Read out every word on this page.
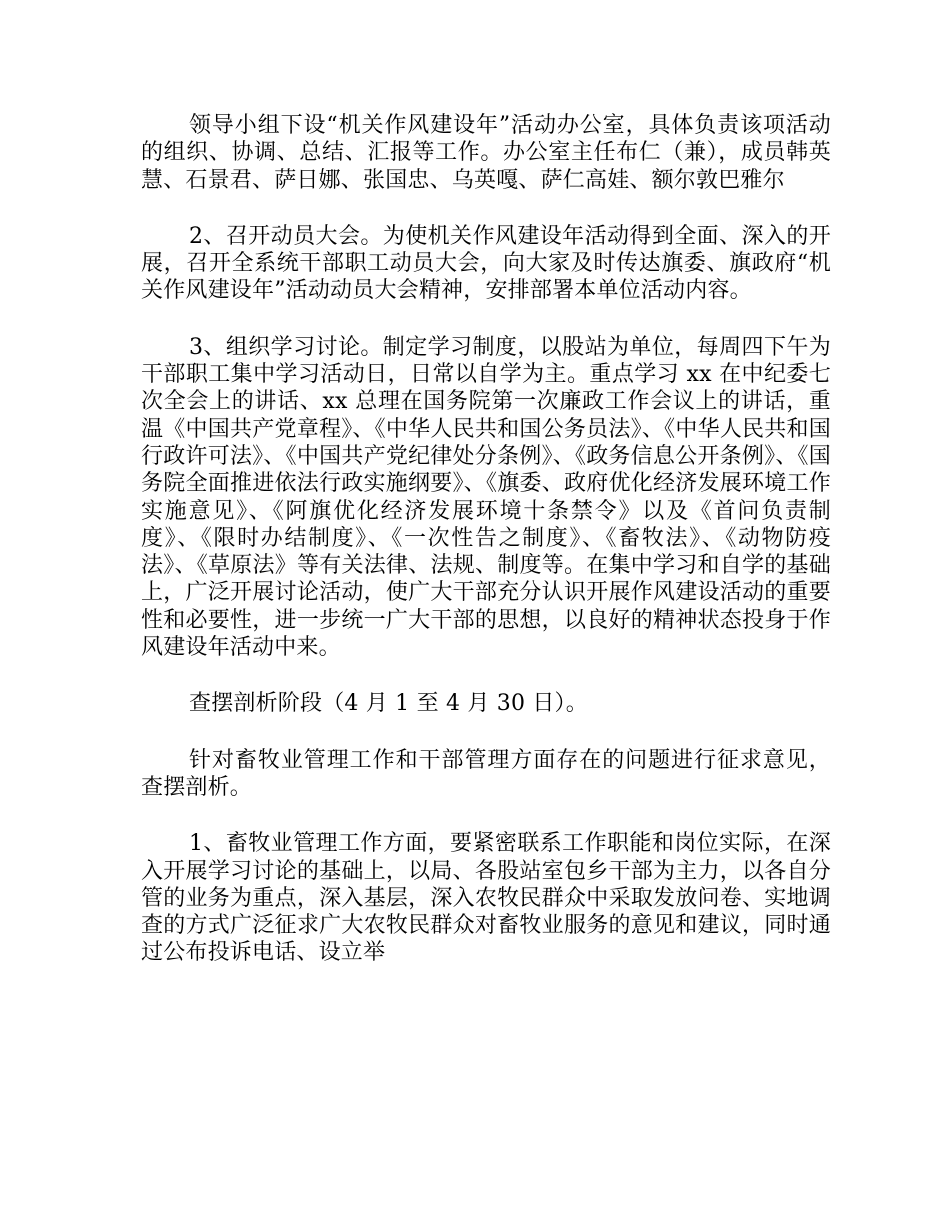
领导小组下设“机关作风建设年”活动办公室，具体负责该项活动的组织、协调、总结、汇报等工作。办公室主任布仁（兼），成员韩英慧、石景君、萨日娜、张国忠、乌英嘎、萨仁高娃、额尔敦巴雅尔

2、召开动员大会。为使机关作风建设年活动得到全面、深入的开展，召开全系统干部职工动员大会，向大家及时传达旗委、旗政府“机关作风建设年”活动动员大会精神，安排部署本单位活动内容。

3、组织学习讨论。制定学习制度，以股站为单位，每周四下午为干部职工集中学习活动日，日常以自学为主。重点学习 xx 在中纪委七次全会上的讲话、xx 总理在国务院第一次廉政工作会议上的讲话，重温《中国共产党章程》、《中华人民共和国公务员法》、《中华人民共和国行政许可法》、《中国共产党纪律处分条例》、《政务信息公开条例》、《国务院全面推进依法行政实施纲要》、《旗委、政府优化经济发展环境工作实施意见》、《阿旗优化经济发展环境十条禁令》以及《首问负责制度》、《限时办结制度》、《一次性告之制度》、《畜牧法》、《动物防疫法》、《草原法》等有关法律、法规、制度等。在集中学习和自学的基础上，广泛开展讨论活动，使广大干部充分认识开展作风建设活动的重要性和必要性，进一步统一广大干部的思想，以良好的精神状态投身于作风建设年活动中来。

查摆剖析阶段（4 月 1 至 4 月 30 日）。

针对畜牧业管理工作和干部管理方面存在的问题进行征求意见，查摆剖析。

1、畜牧业管理工作方面，要紧密联系工作职能和岗位实际，在深入开展学习讨论的基础上，以局、各股站室包乡干部为主力，以各自分管的业务为重点，深入基层，深入农牧民群众中采取发放问卷、实地调查的方式广泛征求广大农牧民群众对畜牧业服务的意见和建议，同时通过公布投诉电话、设立举
